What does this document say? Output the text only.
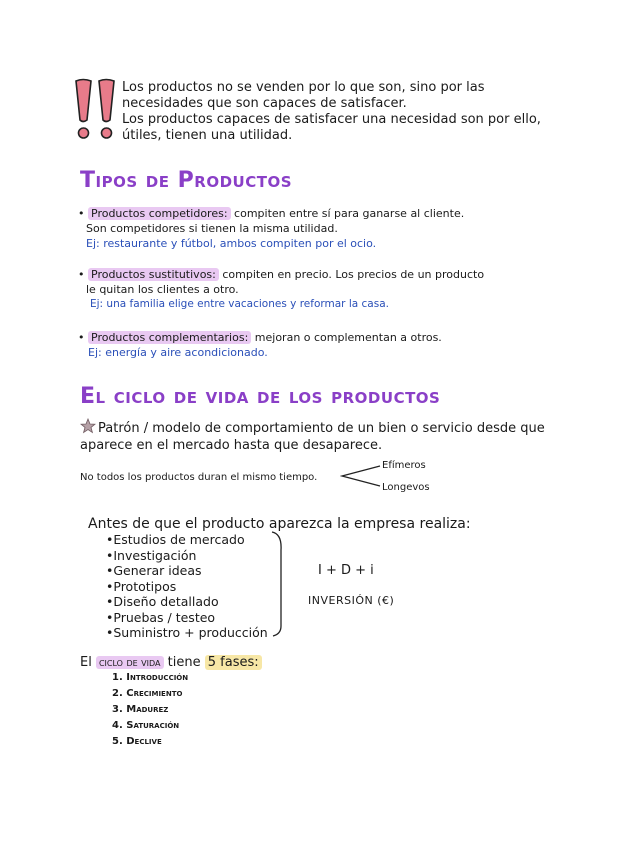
Los productos no se venden por lo que son, sino por las
necesidades que son capaces de satisfacer.
Los productos capaces de satisfacer una necesidad son por ello,
útiles, tienen una utilidad.
Tipos de Productos
• Productos competidores: compiten entre sí para ganarse al cliente.
Son competidores si tienen la misma utilidad.
Ej: restaurante y fútbol, ambos compiten por el ocio.
• Productos sustitutivos: compiten en precio. Los precios de un producto
le quitan los clientes a otro.
Ej: una familia elige entre vacaciones y reformar la casa.
• Productos complementarios: mejoran o complementan a otros.
Ej: energía y aire acondicionado.
El ciclo de vida de los productos
Patrón / modelo de comportamiento de un bien o servicio desde que
aparece en el mercado hasta que desaparece.
No todos los productos duran el mismo tiempo.
Efímeros
Longevos
Antes de que el producto aparezca la empresa realiza:
• Estudios de mercado
• Investigación
• Generar ideas
• Prototipos
• Diseño detallado
• Pruebas / testeo
• Suministro + producción
I + D + i
INVERSIÓN (€)
El ciclo de vida tiene 5 fases:
1. Introducción
2. Crecimiento
3. Madurez
4. Saturación
5. Declive
